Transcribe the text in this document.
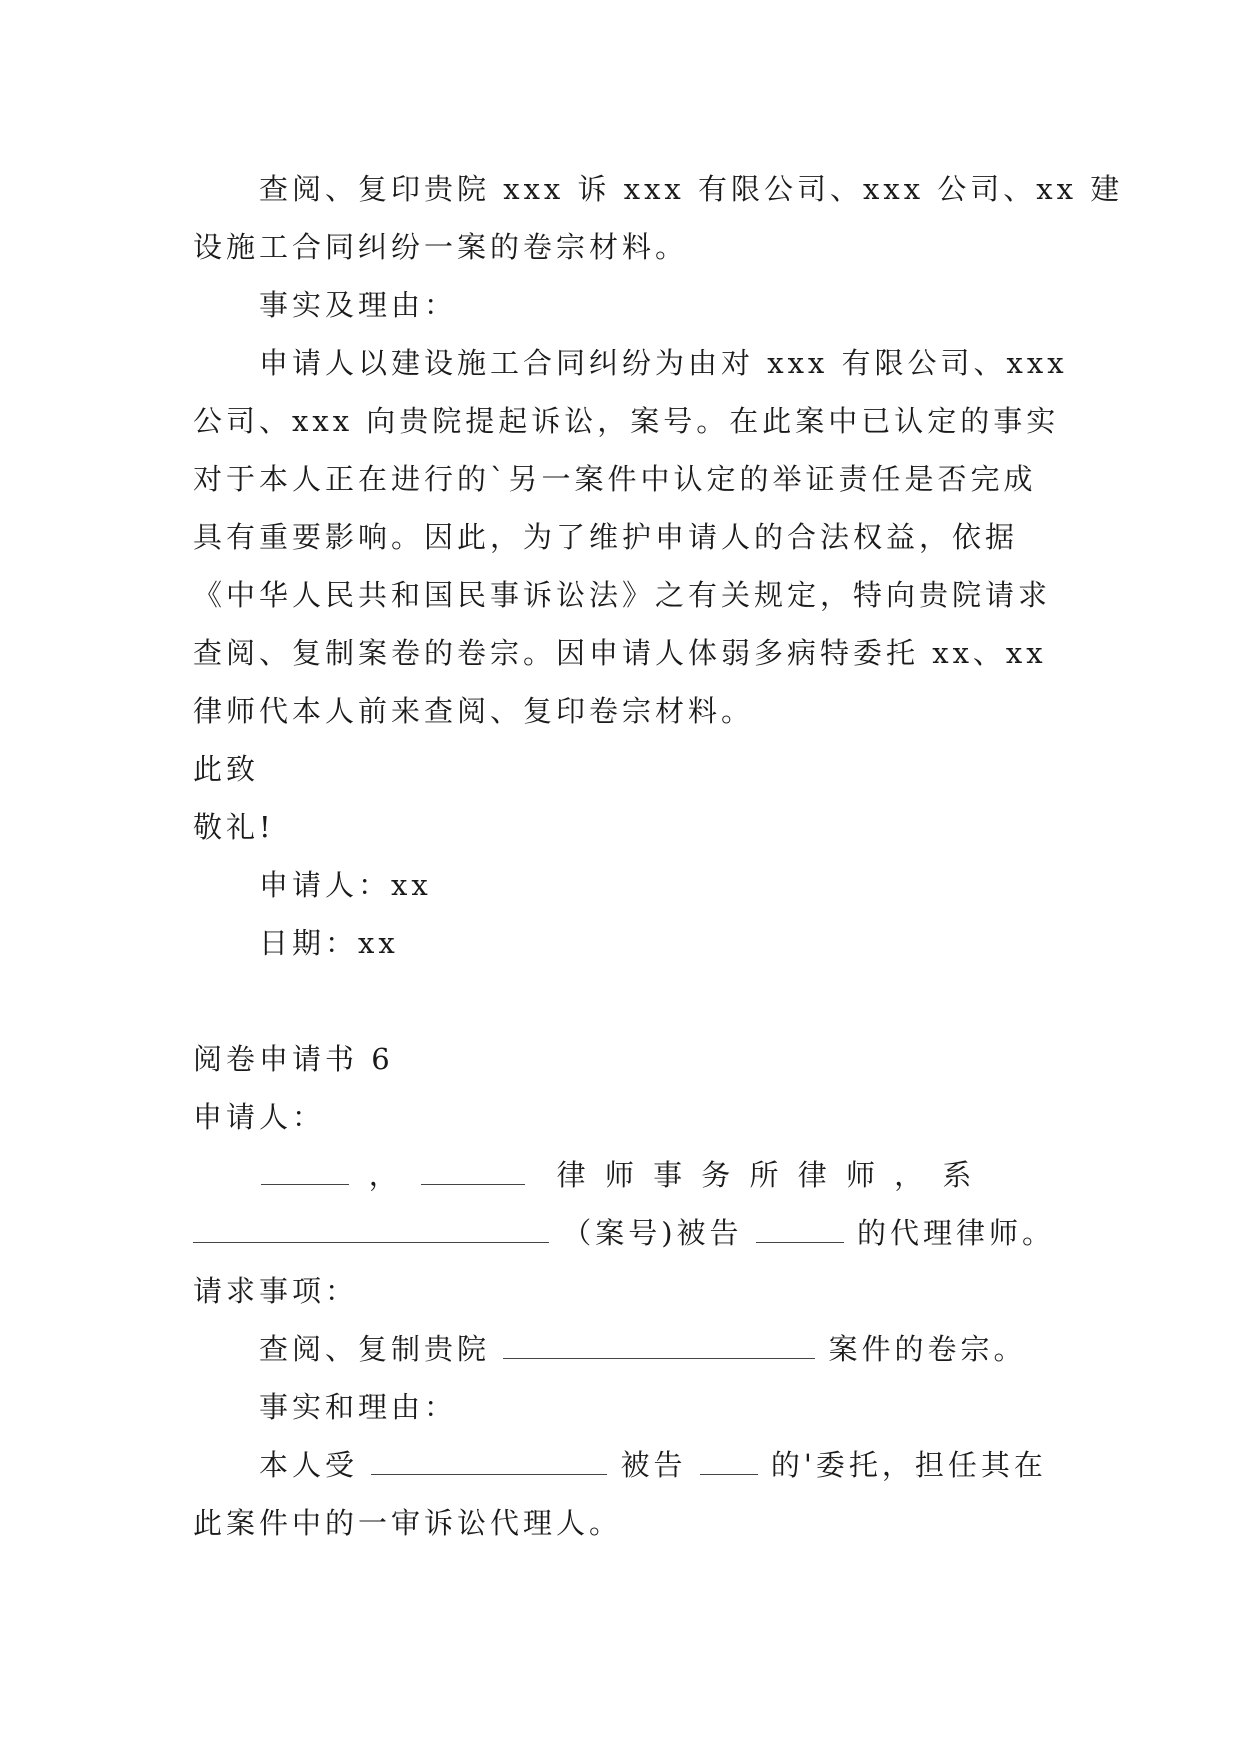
查阅、复印贵院 xxx 诉 xxx 有限公司、xxx 公司、xx 建
设施工合同纠纷一案的卷宗材料。
事实及理由：
申请人以建设施工合同纠纷为由对 xxx 有限公司、xxx
公司、xxx 向贵院提起诉讼，案号。在此案中已认定的事实
对于本人正在进行的`另一案件中认定的举证责任是否完成
具有重要影响。因此，为了维护申请人的合法权益，依据
《中华人民共和国民事诉讼法》之有关规定，特向贵院请求
查阅、复制案卷的卷宗。因申请人体弱多病特委托 xx、xx
律师代本人前来查阅、复印卷宗材料。
此致
敬礼!
申请人：xx
日期：xx
阅卷申请书 6
申请人：
，	律 师 事 务 所 律 师 ， 系
（案号)被告	的代理律师。
请求事项：
查阅、复制贵院	案件的卷宗。
事实和理由：
本人受	被告	的'委托，担任其在
此案件中的一审诉讼代理人。
